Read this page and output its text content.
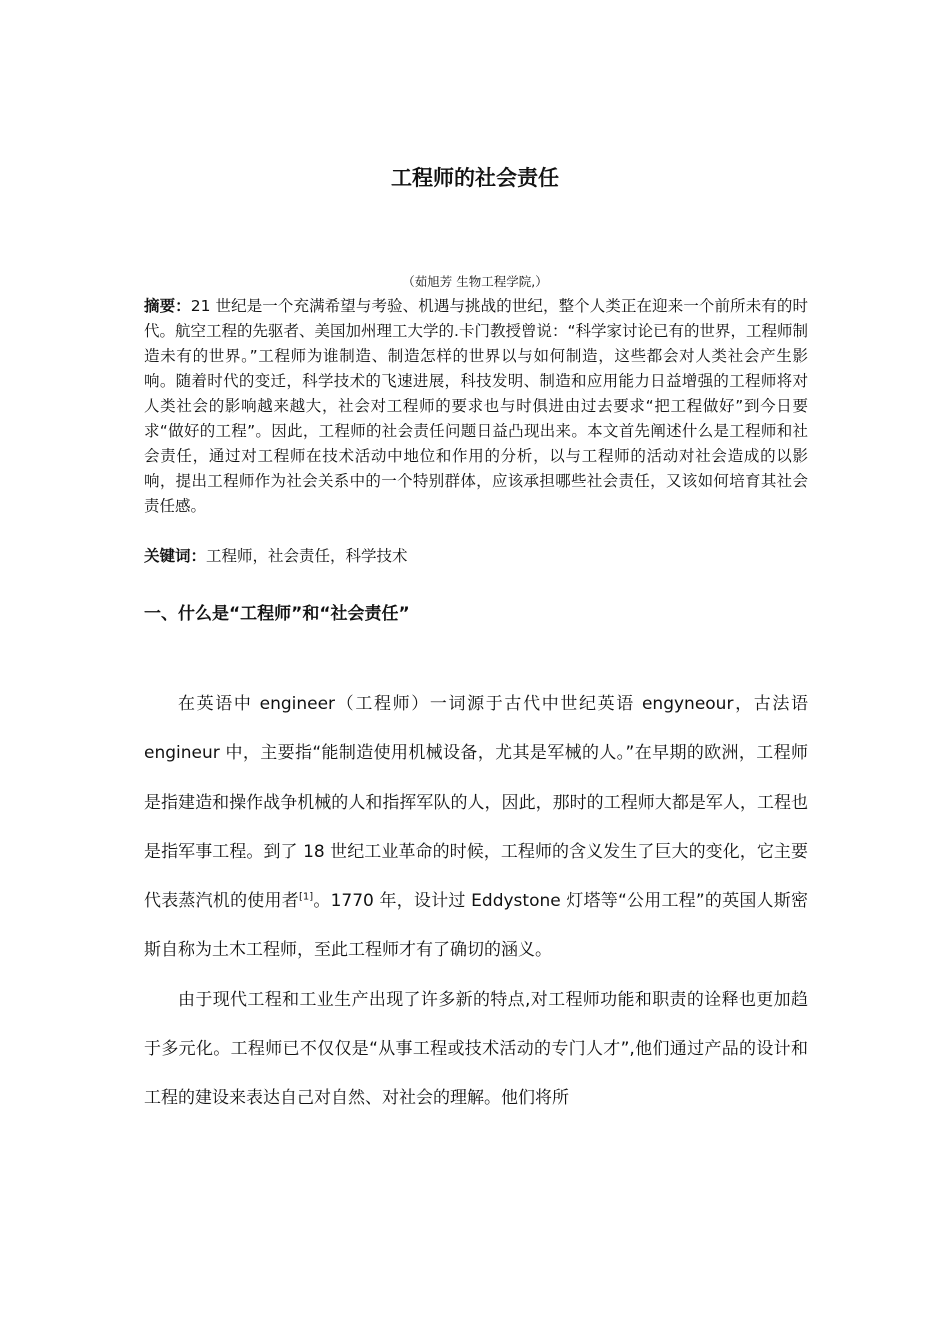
工程师的社会责任
（茹旭芳 生物工程学院,）
摘要：21 世纪是一个充满希望与考验、机遇与挑战的世纪，整个人类正在迎来一个前所未有的时代。航空工程的先驱者、美国加州理工大学的.卡门教授曾说：“科学家讨论已有的世界，工程师制造未有的世界。”工程师为谁制造、制造怎样的世界以与如何制造，这些都会对人类社会产生影响。随着时代的变迁，科学技术的飞速进展，科技发明、制造和应用能力日益增强的工程师将对人类社会的影响越来越大，社会对工程师的要求也与时俱进由过去要求“把工程做好”到今日要求“做好的工程”。因此，工程师的社会责任问题日益凸现出来。本文首先阐述什么是工程师和社会责任，通过对工程师在技术活动中地位和作用的分析，以与工程师的活动对社会造成的以影响，提出工程师作为社会关系中的一个特别群体，应该承担哪些社会责任，又该如何培育其社会责任感。
关键词：工程师，社会责任，科学技术
一、什么是“工程师”和“社会责任”

在英语中 engineer（工程师）一词源于古代中世纪英语 engyneour，古法语 engineur 中，主要指“能制造使用机械设备，尤其是军械的人。”在早期的欧洲，工程师是指建造和操作战争机械的人和指挥军队的人，因此，那时的工程师大都是军人，工程也是指军事工程。到了 18 世纪工业革命的时候，工程师的含义发生了巨大的变化，它主要代表蒸汽机的使用者[1]。1770 年，设计过 Eddystone 灯塔等“公用工程”的英国人斯密斯自称为土木工程师，至此工程师才有了确切的涵义。

由于现代工程和工业生产出现了许多新的特点,对工程师功能和职责的诠释也更加趋于多元化。工程师已不仅仅是“从事工程或技术活动的专门人才”,他们通过产品的设计和工程的建设来表达自己对自然、对社会的理解。他们将所
